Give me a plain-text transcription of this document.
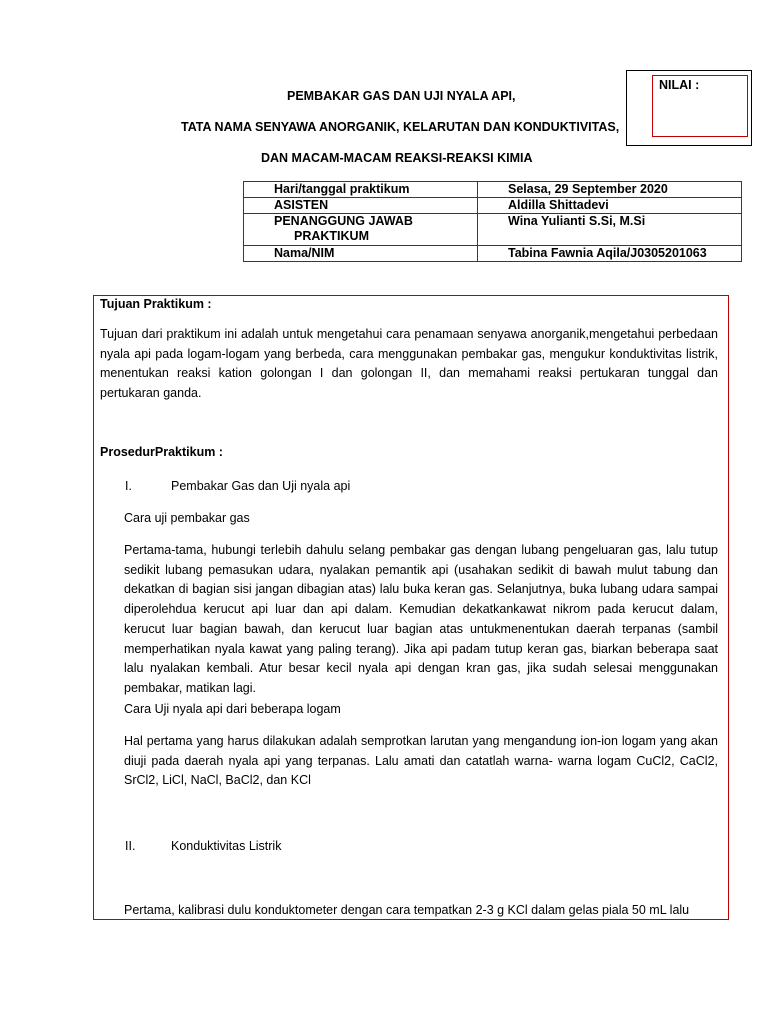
NILAI :
PEMBAKAR GAS DAN UJI NYALA API,
TATA NAMA SENYAWA ANORGANIK, KELARUTAN DAN KONDUKTIVITAS,
DAN MACAM-MACAM REAKSI-REAKSI KIMIA
Hari/tanggal praktikum	Selasa, 29 September 2020
ASISTEN	Aldilla Shittadevi
PENANGGUNG JAWAB
PRAKTIKUM	Wina Yulianti S.Si, M.Si
Nama/NIM	Tabina Fawnia Aqila/J0305201063
Tujuan Praktikum :
Tujuan dari praktikum ini adalah untuk mengetahui cara penamaan senyawa anorganik,mengetahui perbedaan nyala api pada logam-logam yang berbeda, cara menggunakan pembakar gas, mengukur konduktivitas listrik, menentukan reaksi kation golongan I dan golongan II, dan memahami reaksi pertukaran tunggal dan pertukaran ganda.
ProsedurPraktikum :
I.	Pembakar Gas dan Uji nyala api
Cara uji pembakar gas
Pertama-tama, hubungi terlebih dahulu selang pembakar gas dengan lubang pengeluaran gas, lalu tutup sedikit lubang pemasukan udara, nyalakan pemantik api (usahakan sedikit di bawah mulut tabung dan dekatkan di bagian sisi jangan dibagian atas) lalu buka keran gas. Selanjutnya, buka lubang udara sampai diperolehdua kerucut api luar dan api dalam. Kemudian dekatkankawat nikrom pada kerucut dalam, kerucut luar bagian bawah, dan kerucut luar bagian atas untukmenentukan daerah terpanas (sambil memperhatikan nyala kawat yang paling terang). Jika api padam tutup keran gas, biarkan beberapa saat lalu nyalakan kembali. Atur besar kecil nyala api dengan kran gas, jika sudah selesai menggunakan pembakar, matikan lagi.
Cara Uji nyala api dari beberapa logam
Hal pertama yang harus dilakukan adalah semprotkan larutan yang mengandung ion-ion logam yang akan diuji pada daerah nyala api yang terpanas. Lalu amati dan catatlah warna- warna logam CuCl2, CaCl2, SrCl2, LiCl, NaCl, BaCl2, dan KCl
II.	Konduktivitas Listrik
Pertama, kalibrasi dulu konduktometer dengan cara tempatkan 2-3 g KCl dalam gelas piala 50 mL lalu
